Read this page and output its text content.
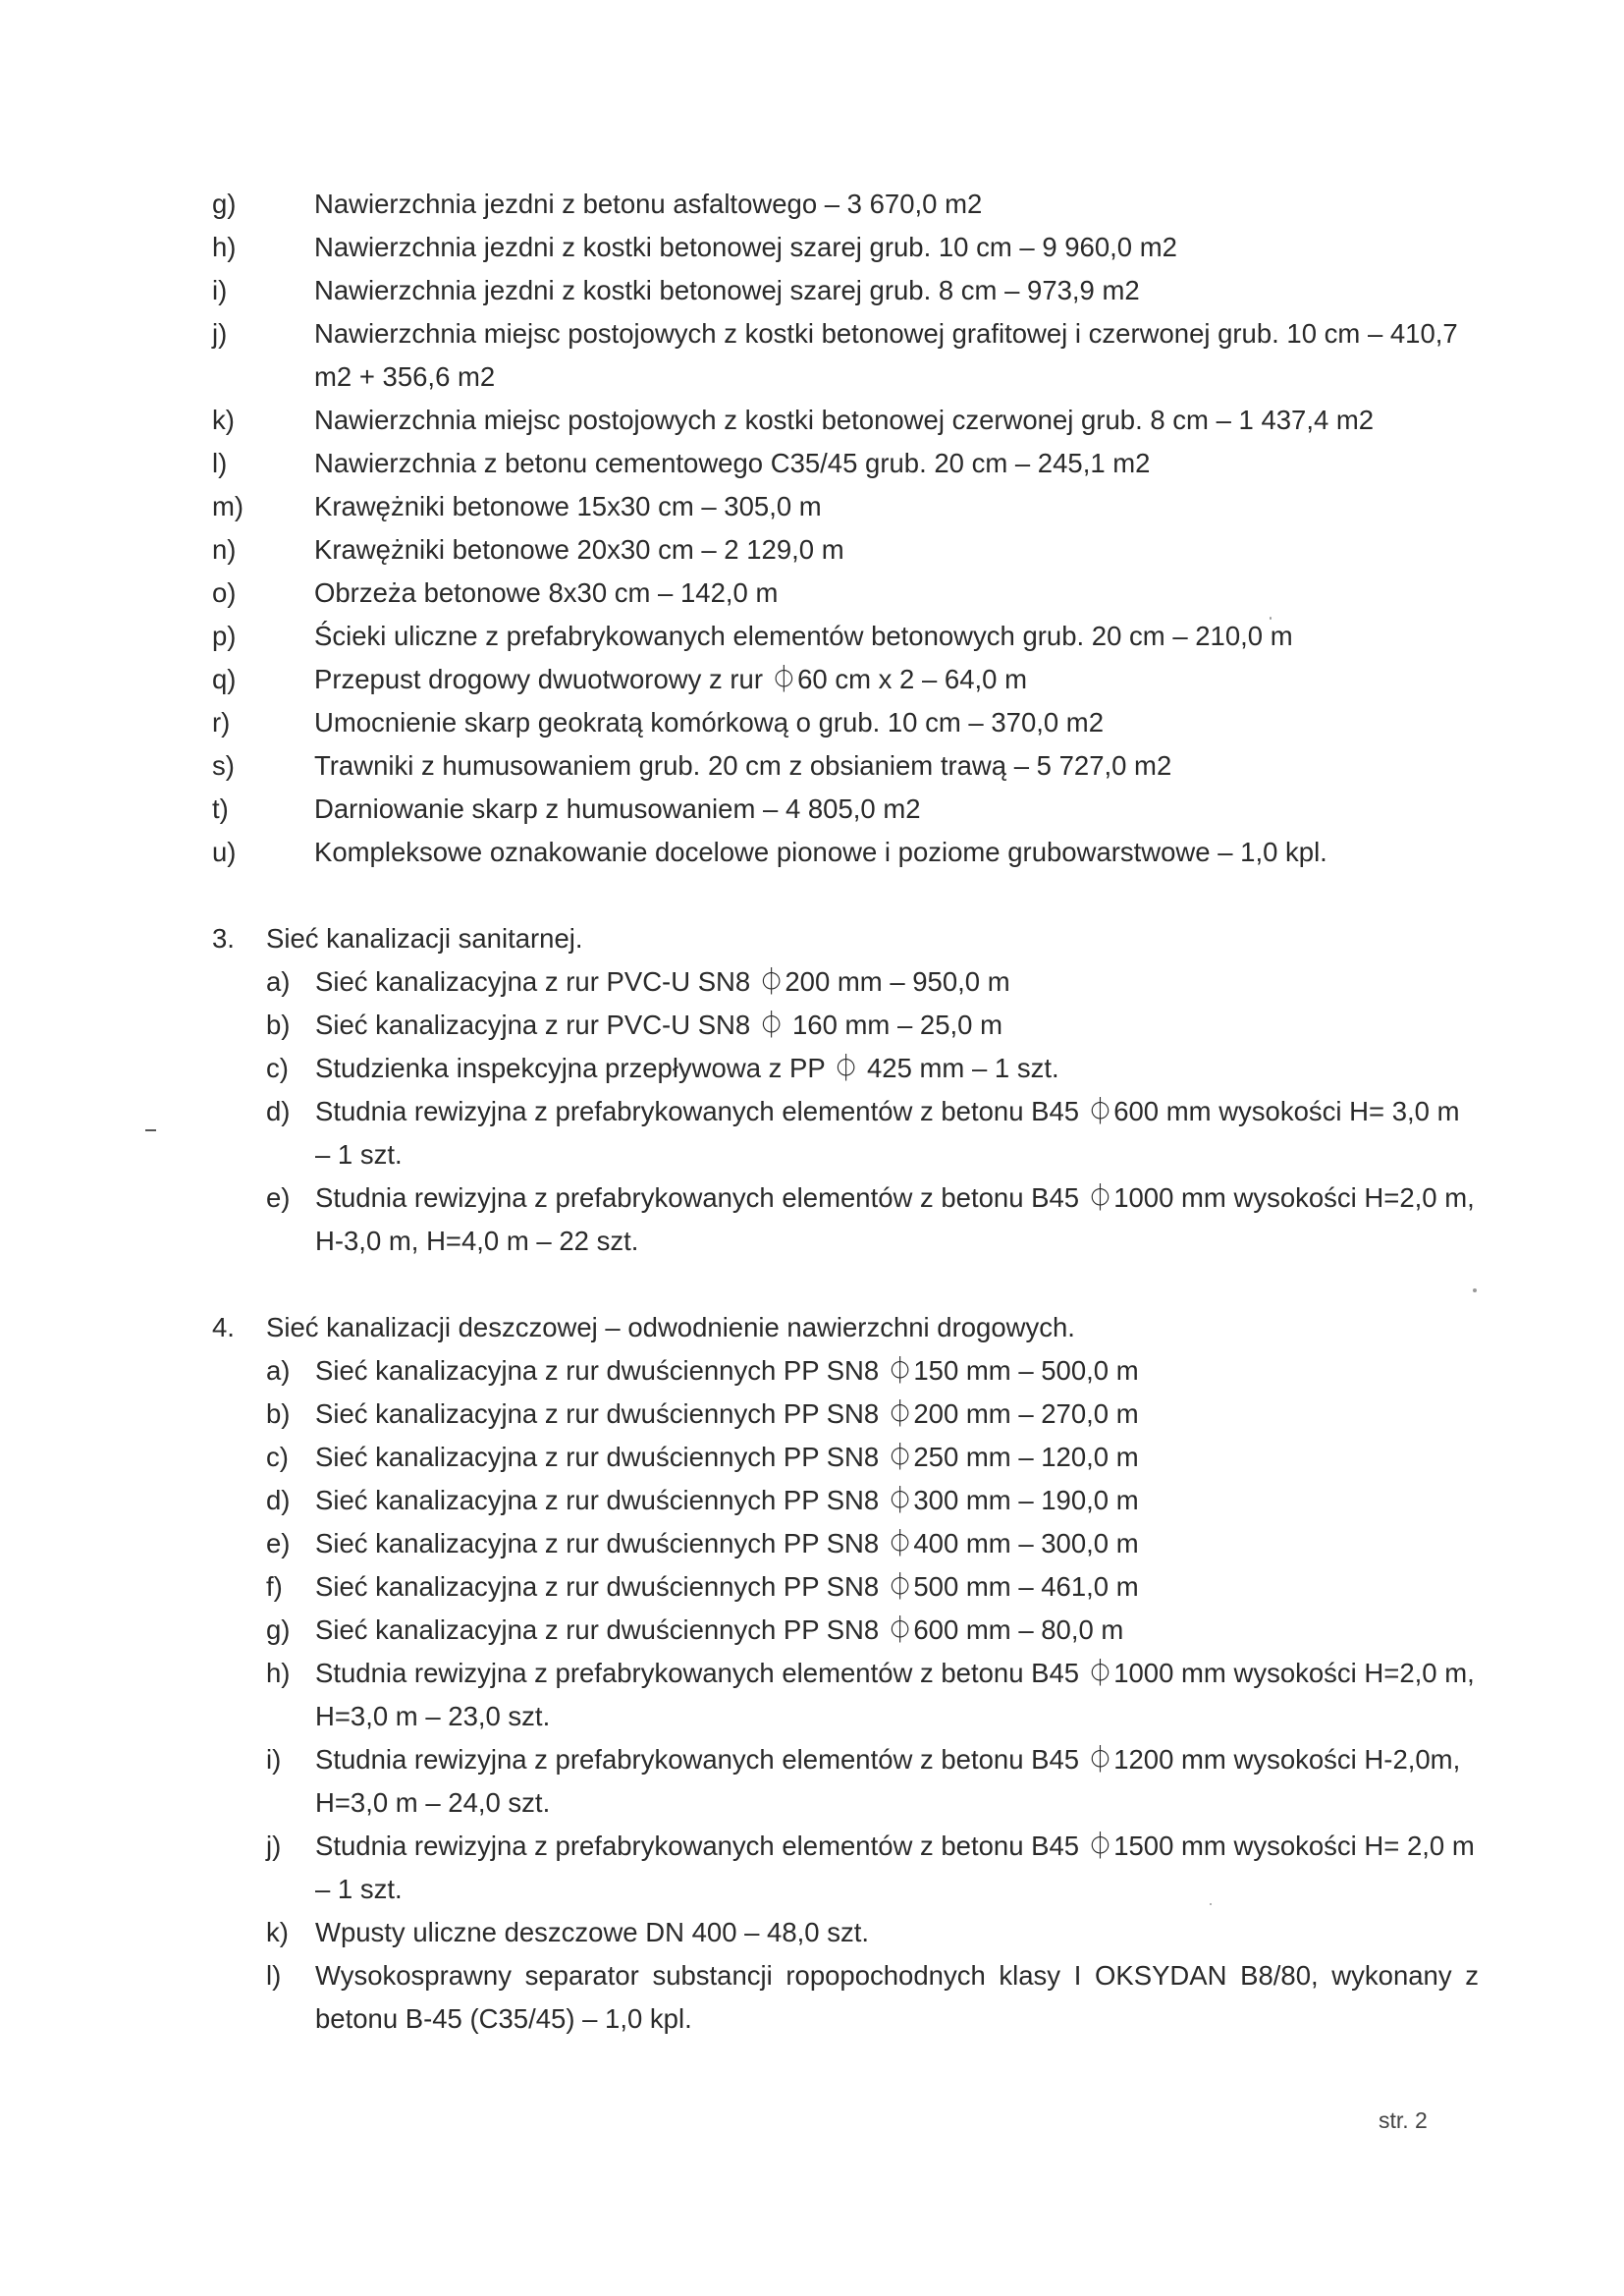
g)	Nawierzchnia jezdni z betonu asfaltowego – 3 670,0 m2
h)	Nawierzchnia jezdni z kostki betonowej szarej grub. 10 cm – 9 960,0 m2
i)	Nawierzchnia jezdni z kostki betonowej szarej grub. 8 cm – 973,9 m2
j)	Nawierzchnia miejsc postojowych z kostki betonowej grafitowej i czerwonej grub. 10 cm – 410,7 m2 + 356,6 m2
k)	Nawierzchnia miejsc postojowych z kostki betonowej czerwonej grub. 8 cm – 1 437,4 m2
l)	Nawierzchnia z betonu cementowego C35/45 grub. 20 cm – 245,1 m2
m)	Krawężniki betonowe 15x30 cm – 305,0 m
n)	Krawężniki betonowe 20x30 cm – 2 129,0 m
o)	Obrzeża betonowe 8x30 cm – 142,0 m
p)	Ścieki uliczne z prefabrykowanych elementów betonowych grub. 20 cm – 210,0 m
q)	Przepust drogowy dwuotworowy z rur ⏀60 cm x 2 – 64,0 m
r)	Umocnienie skarp geokratą komórkową o grub. 10 cm – 370,0 m2
s)	Trawniki z humusowaniem grub. 20 cm z obsianiem trawą – 5 727,0 m2
t)	Darniowanie skarp z humusowaniem – 4 805,0 m2
u)	Kompleksowe oznakowanie docelowe pionowe i poziome grubowarstwowe – 1,0 kpl.
3. Sieć kanalizacji sanitarnej.
a) Sieć kanalizacyjna z rur PVC-U SN8 ⏀200 mm – 950,0 m
b) Sieć kanalizacyjna z rur PVC-U SN8 ⏀ 160 mm – 25,0 m
c) Studzienka inspekcyjna przepływowa z PP ⏀ 425 mm – 1 szt.
d) Studnia rewizyjna z prefabrykowanych elementów z betonu B45 ⏀600 mm wysokości H= 3,0 m – 1 szt.
e) Studnia rewizyjna z prefabrykowanych elementów z betonu B45 ⏀1000 mm wysokości H=2,0 m, H-3,0 m, H=4,0 m – 22 szt.
4. Sieć kanalizacji deszczowej – odwodnienie nawierzchni drogowych.
a) Sieć kanalizacyjna z rur dwuściennych PP SN8 ⏀150 mm – 500,0 m
b) Sieć kanalizacyjna z rur dwuściennych PP SN8 ⏀200 mm – 270,0 m
c) Sieć kanalizacyjna z rur dwuściennych PP SN8 ⏀250 mm – 120,0 m
d) Sieć kanalizacyjna z rur dwuściennych PP SN8 ⏀300 mm – 190,0 m
e) Sieć kanalizacyjna z rur dwuściennych PP SN8 ⏀400 mm – 300,0 m
f)	Sieć kanalizacyjna z rur dwuściennych PP SN8 ⏀500 mm – 461,0 m
g) Sieć kanalizacyjna z rur dwuściennych PP SN8 ⏀600 mm – 80,0 m
h) Studnia rewizyjna z prefabrykowanych elementów z betonu B45 ⏀1000 mm wysokości H=2,0 m, H=3,0 m – 23,0 szt.
i)	Studnia rewizyjna z prefabrykowanych elementów z betonu B45 ⏀1200 mm wysokości H-2,0m, H=3,0 m – 24,0 szt.
j)	Studnia rewizyjna z prefabrykowanych elementów z betonu B45 ⏀1500 mm wysokości H= 2,0 m – 1 szt.
k) Wpusty uliczne deszczowe DN 400 – 48,0 szt.
l)	Wysokosprawny separator substancji ropopochodnych klasy I OKSYDAN B8/80, wykonany z betonu B-45 (C35/45) – 1,0 kpl.
str. 2
